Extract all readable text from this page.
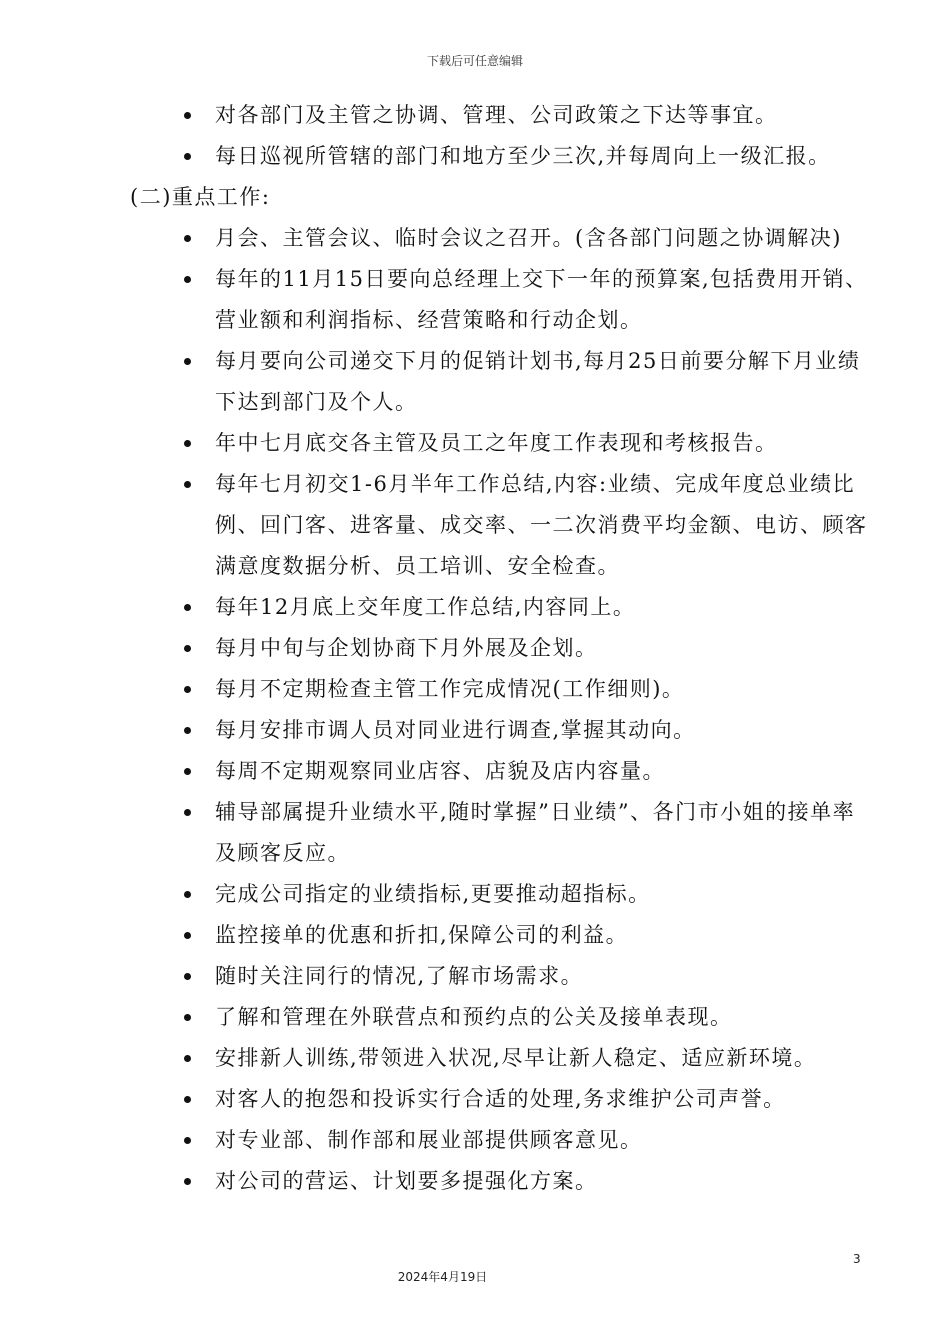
下载后可任意编辑
对各部门及主管之协调、管理、公司政策之下达等事宜。
每日巡视所管辖的部门和地方至少三次,并每周向上一级汇报。
(二)重点工作:
月会、主管会议、临时会议之召开。(含各部门问题之协调解决)
每年的11月15日要向总经理上交下一年的预算案,包括费用开销、营业额和利润指标、经营策略和行动企划。
每月要向公司递交下月的促销计划书,每月25日前要分解下月业绩下达到部门及个人。
年中七月底交各主管及员工之年度工作表现和考核报告。
每年七月初交1-6月半年工作总结,内容:业绩、完成年度总业绩比例、回门客、进客量、成交率、一二次消费平均金额、电访、顾客满意度数据分析、员工培训、安全检查。
每年12月底上交年度工作总结,内容同上。
每月中旬与企划协商下月外展及企划。
每月不定期检查主管工作完成情况(工作细则)。
每月安排市调人员对同业进行调查,掌握其动向。
每周不定期观察同业店容、店貌及店内容量。
辅导部属提升业绩水平,随时掌握”日业绩”、各门市小姐的接单率及顾客反应。
完成公司指定的业绩指标,更要推动超指标。
监控接单的优惠和折扣,保障公司的利益。
随时关注同行的情况,了解市场需求。
了解和管理在外联营点和预约点的公关及接单表现。
安排新人训练,带领进入状况,尽早让新人稳定、适应新环境。
对客人的抱怨和投诉实行合适的处理,务求维护公司声誉。
对专业部、制作部和展业部提供顾客意见。
对公司的营运、计划要多提强化方案。
3
2024年4月19日
